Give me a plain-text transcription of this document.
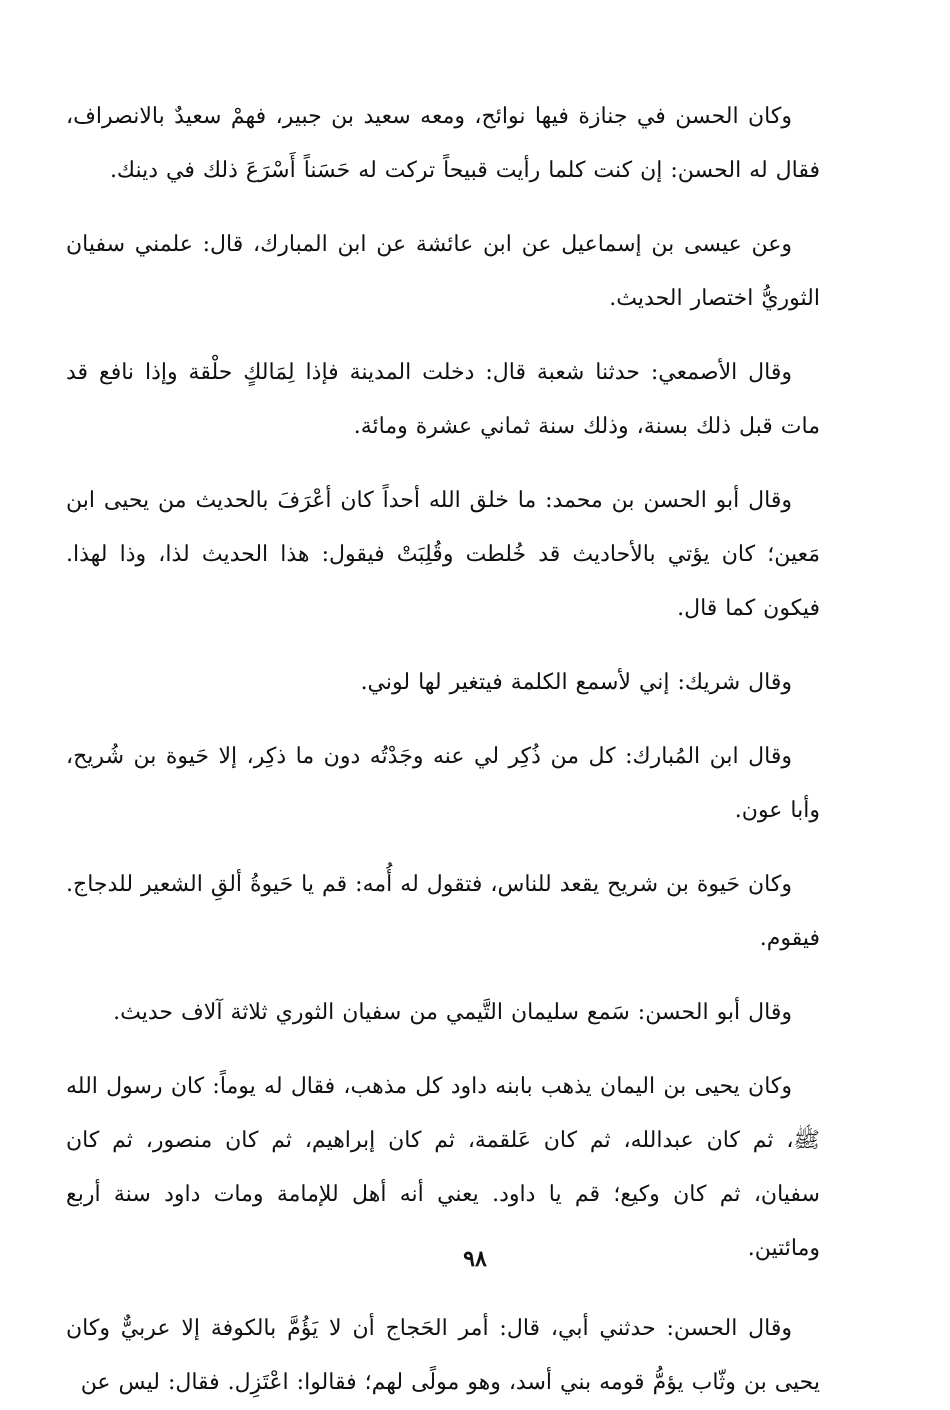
وكان الحسن في جنازة فيها نوائح، ومعه سعيد بن جبير، فهمْ سعيدٌ بالانصراف، فقال له الحسن: إن كنت كلما رأيت قبيحاً تركت له حَسَناً أَسْرَعَ ذلك في دينك.

وعن عيسى بن إسماعيل عن ابن عائشة عن ابن المبارك، قال: علمني سفيان الثوريُّ اختصار الحديث.

وقال الأصمعي: حدثنا شعبة قال: دخلت المدينة فإذا لِمَالكٍ حلْقة وإذا نافع قد مات قبل ذلك بسنة، وذلك سنة ثماني عشرة ومائة.

وقال أبو الحسن بن محمد: ما خلق الله أحداً كان أعْرَفَ بالحديث من يحيى ابن مَعين؛ كان يؤتي بالأحاديث قد خُلطت وقُلِبَتْ فيقول: هذا الحديث لذا، وذا لهذا. فيكون كما قال.

وقال شريك: إني لأسمع الكلمة فيتغير لها لوني.

وقال ابن المُبارك: كل من ذُكِر لي عنه وجَدْتُه دون ما ذكِر، إلا حَيوة بن شُريح، وأبا عون.

وكان حَيوة بن شريح يقعد للناس، فتقول له أُمه: قم يا حَيوةُ ألقِ الشعير للدجاج. فيقوم.

وقال أبو الحسن: سَمع سليمان التَّيمي من سفيان الثوري ثلاثة آلاف حديث.

وكان يحيى بن اليمان يذهب بابنه داود كل مذهب، فقال له يوماً: كان رسول الله ﷺ، ثم كان عبدالله، ثم كان عَلقمة، ثم كان إبراهيم، ثم كان منصور، ثم كان سفيان، ثم كان وكيع؛ قم يا داود. يعني أنه أهل للإمامة ومات داود سنة أربع ومائتين.

وقال الحسن: حدثني أبي، قال: أمر الحَجاج أن لا يَؤُمَّ بالكوفة إلا عربيٌّ وكان يحيى بن وثّاب يؤمُّ قومه بني أسد، وهو مولًى لهم؛ فقالوا: اعْتَزِل. فقال: ليس عن

٩٨
